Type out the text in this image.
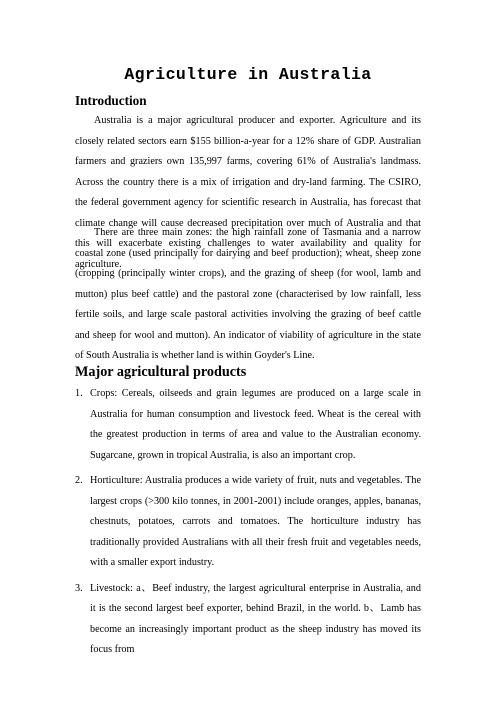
Agriculture in Australia
Introduction

Australia is a major agricultural producer and exporter. Agriculture and its closely related sectors earn $155 billion-a-year for a 12% share of GDP. Australian farmers and graziers own 135,997 farms, covering 61% of Australia's landmass. Across the country there is a mix of irrigation and dry-land farming. The CSIRO, the federal government agency for scientific research in Australia, has forecast that climate change will cause decreased precipitation over much of Australia and that this will exacerbate existing challenges to water availability and quality for agriculture.

There are three main zones: the high rainfall zone of Tasmania and a narrow coastal zone (used principally for dairying and beef production); wheat, sheep zone (cropping (principally winter crops), and the grazing of sheep (for wool, lamb and mutton) plus beef cattle) and the pastoral zone (characterised by low rainfall, less fertile soils, and large scale pastoral activities involving the grazing of beef cattle and sheep for wool and mutton). An indicator of viability of agriculture in the state of South Australia is whether land is within Goyder's Line.

Major agricultural products
1. Crops: Cereals, oilseeds and grain legumes are produced on a large scale in Australia for human consumption and livestock feed. Wheat is the cereal with the greatest production in terms of area and value to the Australian economy. Sugarcane, grown in tropical Australia, is also an important crop.
2. Horticulture: Australia produces a wide variety of fruit, nuts and vegetables. The largest crops (>300 kilo tonnes, in 2001-2001) include oranges, apples, bananas, chestnuts, potatoes, carrots and tomatoes. The horticulture industry has traditionally provided Australians with all their fresh fruit and vegetables needs, with a smaller export industry.
3. Livestock: a、Beef industry, the largest agricultural enterprise in Australia, and it is the second largest beef exporter, behind Brazil, in the world. b、Lamb has become an increasingly important product as the sheep industry has moved its focus from
